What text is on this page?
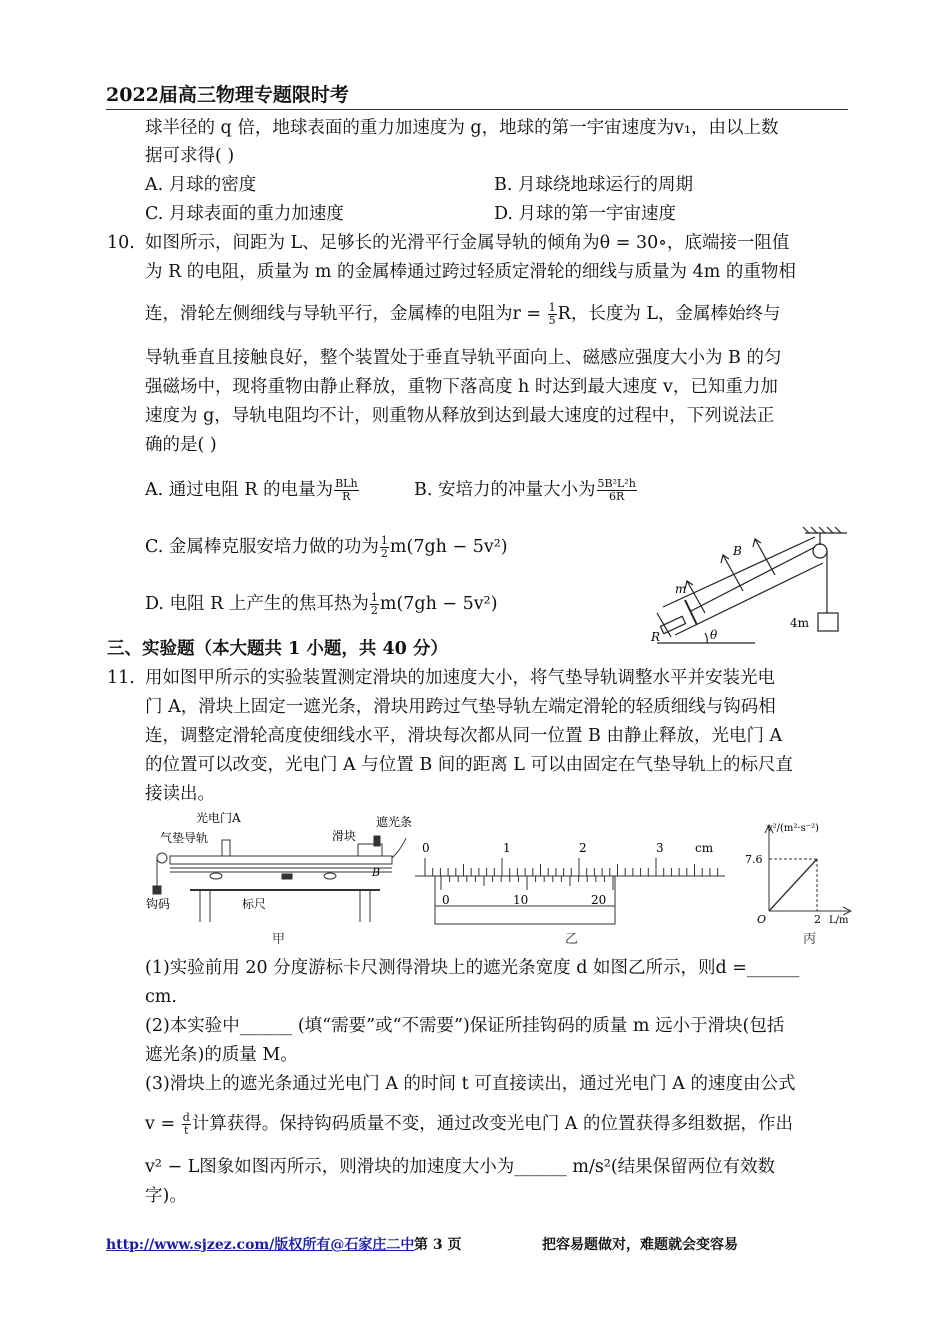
2022届高三物理专题限时考
球半径的 q 倍，地球表面的重力加速度为 g，地球的第一宇宙速度为v₁，由以上数
据可求得( )
A. 月球的密度	B. 月球绕地球运行的周期
C. 月球表面的重力加速度	D. 月球的第一宇宙速度
10. 如图所示，间距为 L、足够长的光滑平行金属导轨的倾角为θ = 30∘，底端接一阻值
为 R 的电阻，质量为 m 的金属棒通过跨过轻质定滑轮的细线与质量为 4m 的重物相
连，滑轮左侧细线与导轨平行，金属棒的电阻为$r = \frac{1}{5}$ R，长度为 L，金属棒始终与
导轨垂直且接触良好，整个装置处于垂直导轨平面向上、磁感应强度大小为 B 的匀
强磁场中，现将重物由静止释放，重物下落高度 h 时达到最大速度 v，已知重力加
速度为 g，导轨电阻均不计，则重物从释放到达到最大速度的过程中，下列说法正
确的是( )
A. 通过电阻 R 的电量为 $\frac{\text{BLh}}{R}$	B. 安培力的冲量大小为 $\frac{\text{5B²L²h}}{6R}$
C. 金属棒克服安培力做的功为 $\frac{1}{2} m(7gh - 5v^2)$
D. 电阻 R 上产生的焦耳热为 $\frac{1}{2} m(7gh - 5v^2)$
B
m
R	θ
4m
三、实验题（本大题共 1 小题，共 40 分）
11. 用如图甲所示的实验装置测定滑块的加速度大小，将气垫导轨调整水平并安装光电
门 A，滑块上固定一遮光条，滑块用跨过气垫导轨左端定滑轮的轻质细线与钩码相
连，调整定滑轮高度使细线水平，滑块每次都从同一位置 B 由静止释放，光电门 A
的位置可以改变，光电门 A 与位置 B 间的距离 L 可以由固定在气垫导轨上的标尺直
接读出。
光电门A
气垫导轨	滑块
遮光条
钩码	标尺
B
甲
0	1	2	3	cm
0	10	20
乙
v²/(m²·s⁻²)
7.6
2
O	L/m
丙
(1)实验前用 20 分度游标卡尺测得滑块上的遮光条宽度 d 如图乙所示，则d =______
cm.
(2)本实验中______ (填“需要”或“不需要”)保证所挂钩码的质量 m 远小于滑块(包括
遮光条)的质量 M。
(3)滑块上的遮光条通过光电门 A 的时间 t 可直接读出，通过光电门 A 的速度由公式
$v = \frac{d}{t}$ 计算获得。保持钩码质量不变，通过改变光电门 A 的位置获得多组数据，作出
v² − L图象如图丙所示，则滑块的加速度大小为______ m/s²(结果保留两位有效数
字)。
http://www.sjzez.com/版权所有@石家庄二中 第 3 页	把容易题做对，难题就会变容易
